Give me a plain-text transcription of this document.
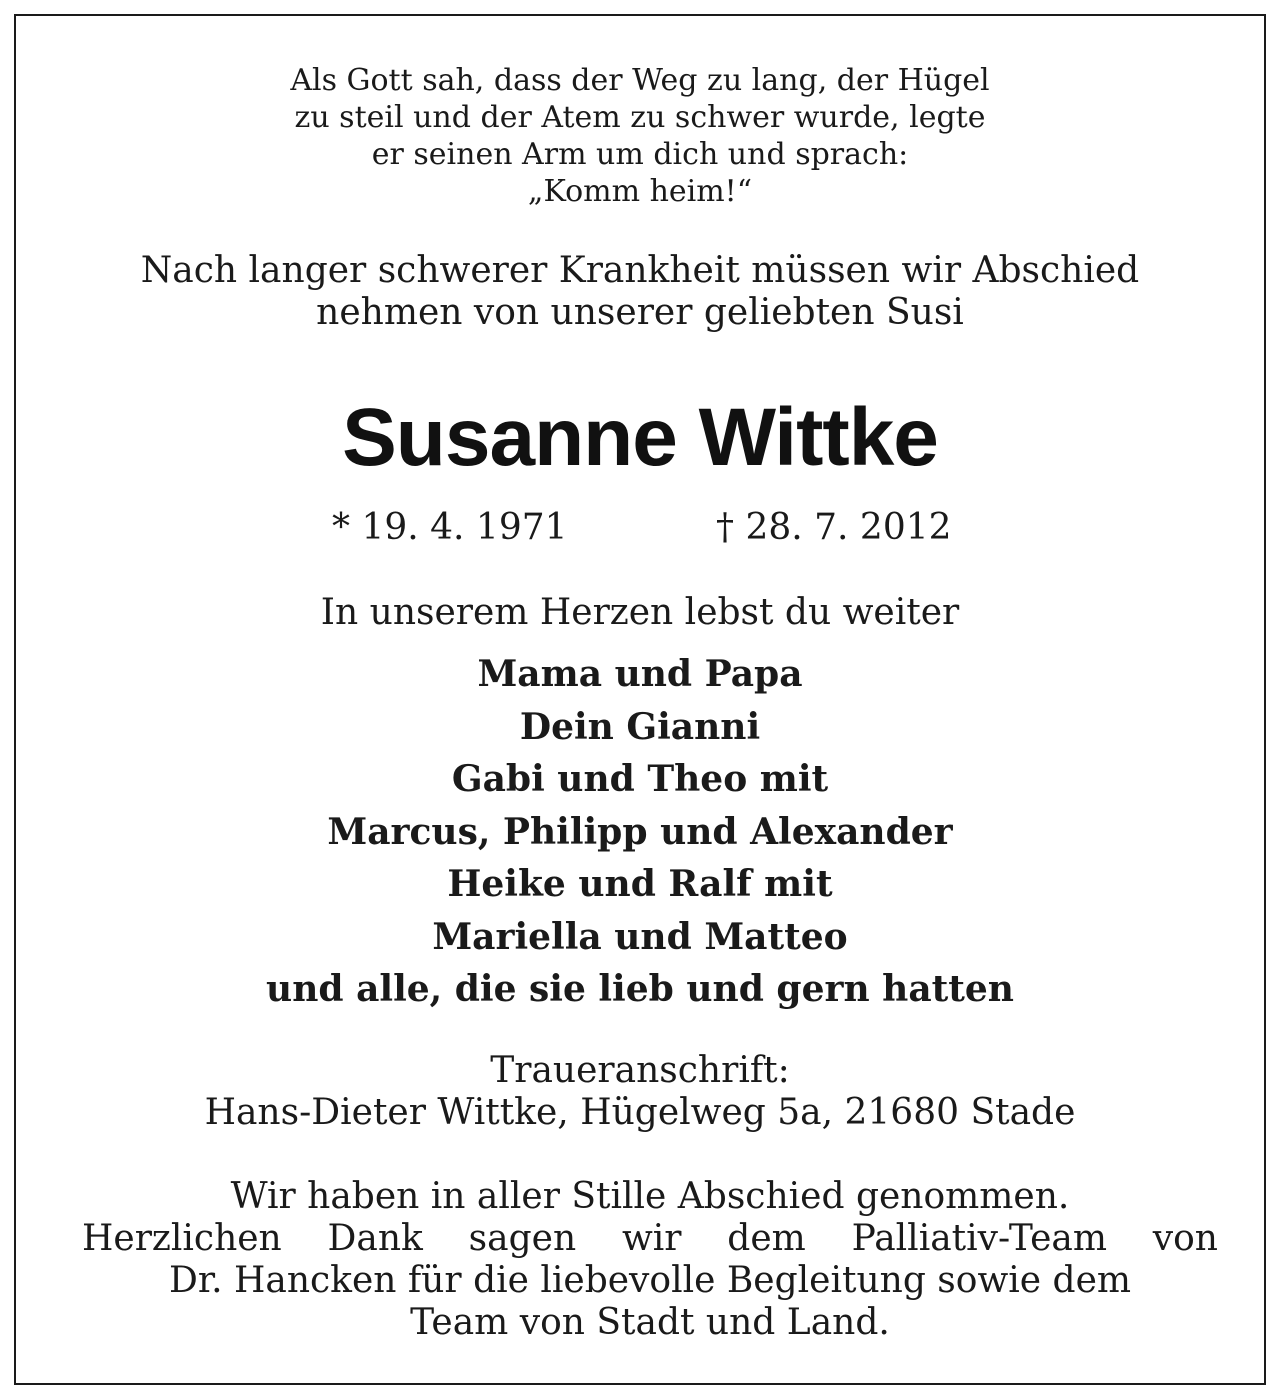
Als Gott sah, dass der Weg zu lang, der Hügel
zu steil und der Atem zu schwer wurde, legte
er seinen Arm um dich und sprach:
„Komm heim!“
Nach langer schwerer Krankheit müssen wir Abschied
nehmen von unserer geliebten Susi
Susanne Wittke
* 19. 4. 1971	† 28. 7. 2012
In unserem Herzen lebst du weiter
Mama und Papa
Dein Gianni
Gabi und Theo mit
Marcus, Philipp und Alexander
Heike und Ralf mit
Mariella und Matteo
und alle, die sie lieb und gern hatten
Traueranschrift:
Hans-Dieter Wittke, Hügelweg 5a, 21680 Stade
Wir haben in aller Stille Abschied genommen.
Herzlichen Dank sagen wir dem Palliativ-Team von
Dr. Hancken für die liebevolle Begleitung sowie dem
Team von Stadt und Land.
